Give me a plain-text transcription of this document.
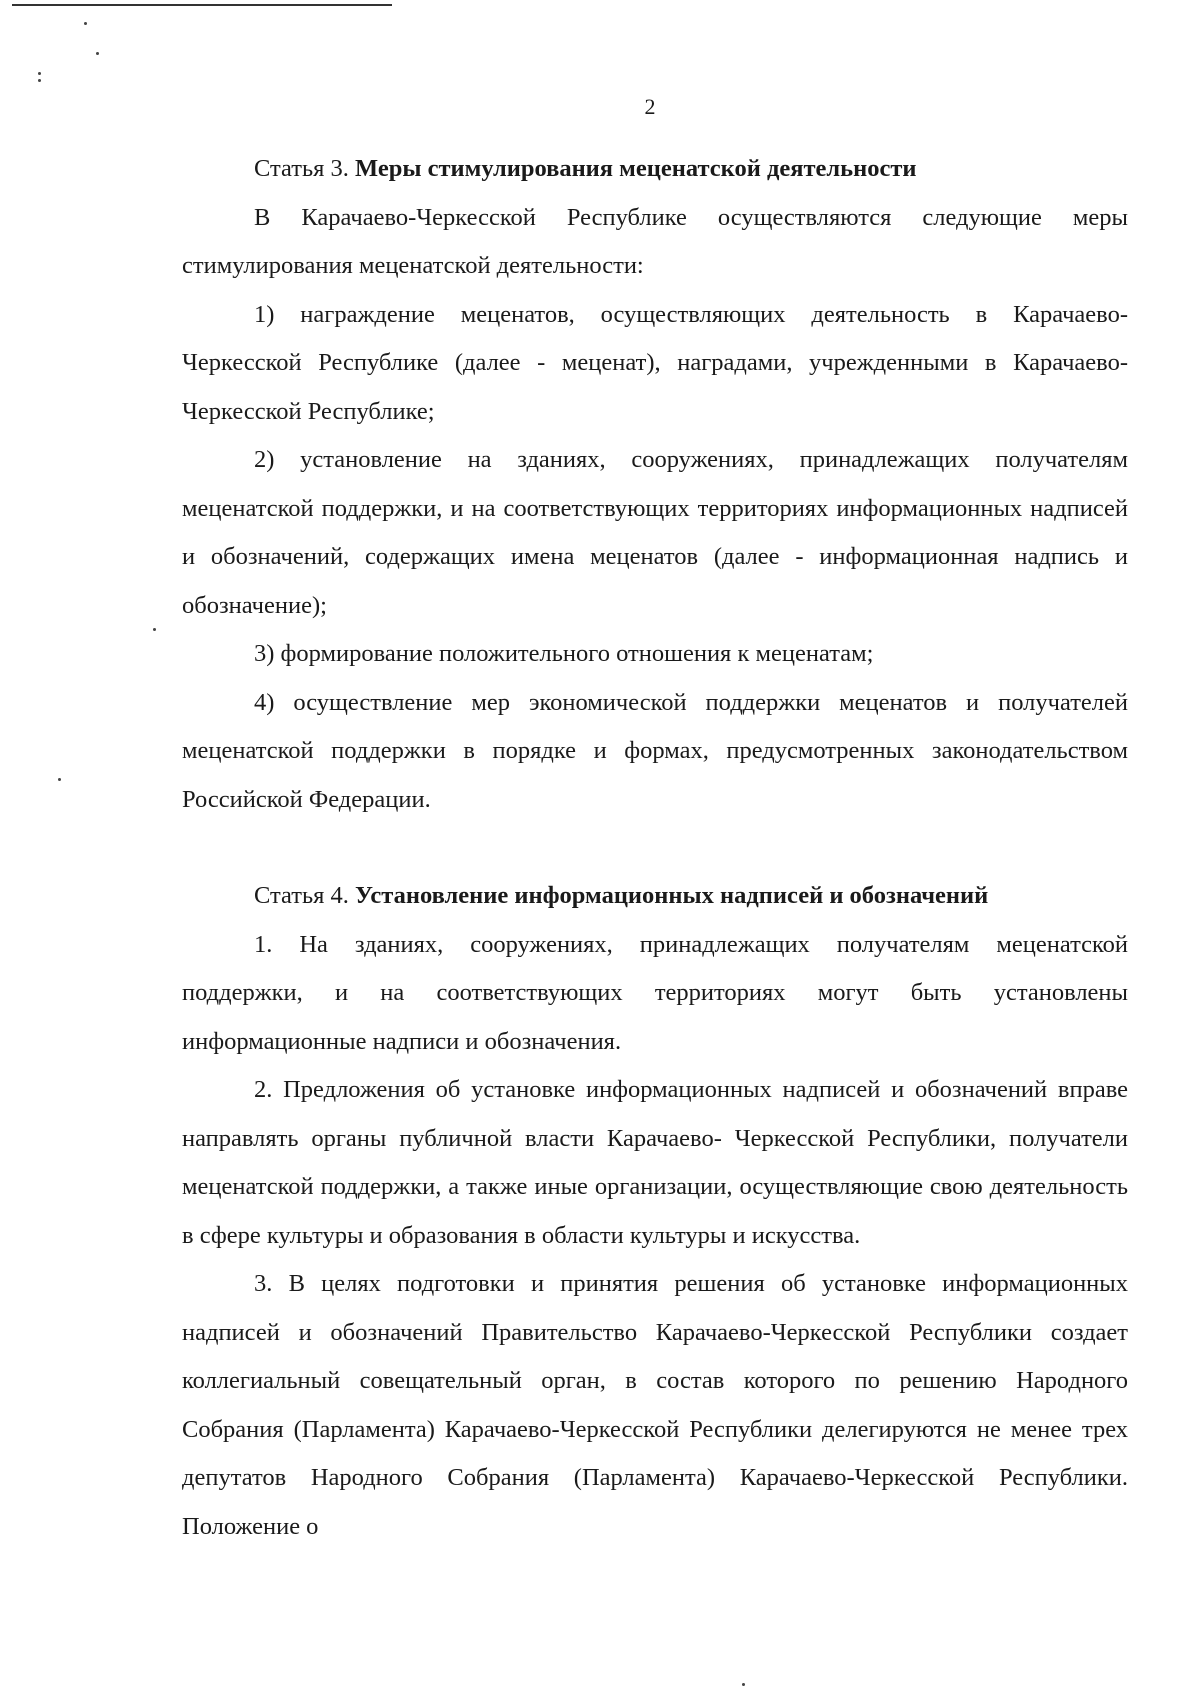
2

Статья 3. Меры стимулирования меценатской деятельности

В Карачаево-Черкесской Республике осуществляются следующие меры стимулирования меценатской деятельности:

1) награждение меценатов, осуществляющих деятельность в Карачаево-Черкесской Республике (далее - меценат), наградами, учрежденными в Карачаево-Черкесской Республике;

2) установление на зданиях, сооружениях, принадлежащих получателям меценатской поддержки, и на соответствующих территориях информационных надписей и обозначений, содержащих имена меценатов (далее - информационная надпись и обозначение);

3) формирование положительного отношения к меценатам;

4) осуществление мер экономической поддержки меценатов и получателей меценатской поддержки в порядке и формах, предусмотренных законодательством Российской Федерации.

Статья 4. Установление информационных надписей и обозначений

1. На зданиях, сооружениях, принадлежащих получателям меценатской поддержки, и на соответствующих территориях могут быть установлены информационные надписи и обозначения.

2. Предложения об установке информационных надписей и обозначений вправе направлять органы публичной власти Карачаево- Черкесской Республики, получатели меценатской поддержки, а также иные организации, осуществляющие свою деятельность в сфере культуры и образования в области культуры и искусства.

3. В целях подготовки и принятия решения об установке информационных надписей и обозначений Правительство Карачаево-Черкесской Республики создает коллегиальный совещательный орган, в состав которого по решению Народного Собрания (Парламента) Карачаево-Черкесской Республики делегируются не менее трех депутатов Народного Собрания (Парламента) Карачаево-Черкесской Республики. Положение о
